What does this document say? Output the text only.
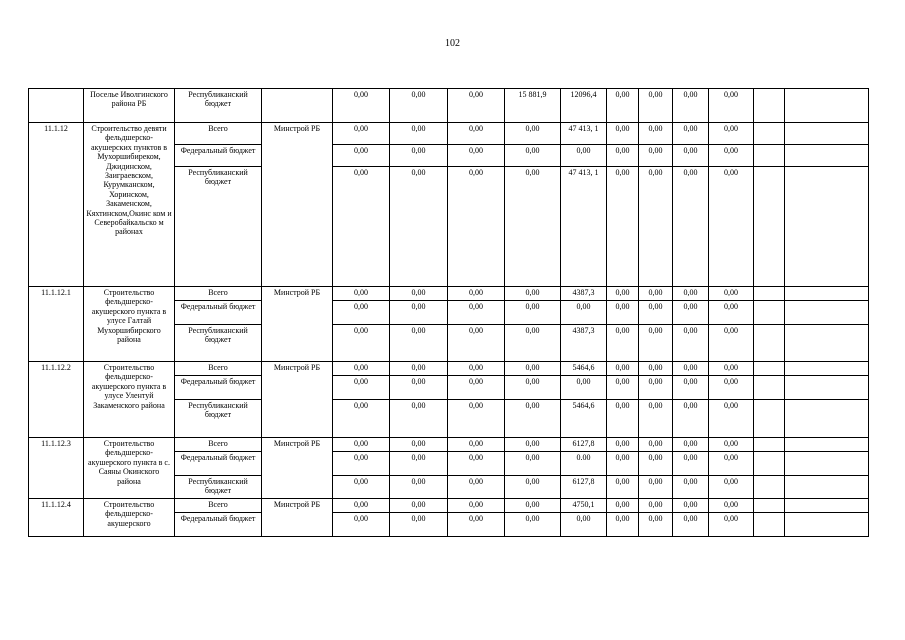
102
	Поселье Иволгинского района РБ	Республиканский бюджет		0,00	0,00	0,00	15 881,9	12096,4	0,00	0,00	0,00	0,00		
11.1.12	Строительство девяти фельдшерско-акушерских пунктов в Мухоршибиреком, Джидинском, Заиграевском, Курумканском, Хоринском, Закаменском, Кяхтинском,Окинс ком и Северобайкальско м районах	Всего	Минстрой РБ	0,00	0,00	0,00	0,00	47 413, 1	0,00	0,00	0,00	0,00		
		Федеральный бюджет		0,00	0,00	0,00	0,00	0,00	0,00	0,00	0,00	0,00		
		Республиканский бюджет		0,00	0,00	0,00	0,00	47 413, 1	0,00	0,00	0,00	0,00		
11.1.12.1	Строительство фельдшерско-акушерского пункта в улусе Галтай Мухоршибирского района	Всего	Минстрой РБ	0,00	0,00	0,00	0,00	4387,3	0,00	0,00	0,00	0,00		
		Федеральный бюджет		0,00	0,00	0,00	0,00	0,00	0,00	0,00	0,00	0,00		
		Республиканский бюджет		0,00	0,00	0,00	0,00	4387,3	0,00	0,00	0,00	0,00		
11.1.12.2	Строительство фельдшерско-акушерского пункта в улусе Улентуй Закаменского района	Всего	Минстрой РБ	0,00	0,00	0,00	0,00	5464,6	0,00	0,00	0,00	0,00		
		Федеральный бюджет		0,00	0,00	0,00	0,00	0,00	0,00	0,00	0,00	0,00		
		Республиканский бюджет		0,00	0,00	0,00	0,00	5464,6	0,00	0,00	0,00	0,00		
11.1.12.3	Строительство фельдшерско-акушерского пункта в с. Саяны Окинского района	Всего	Минстрой РБ	0,00	0,00	0,00	0,00	6127,8	0,00	0,00	0,00	0,00		
		Федеральный бюджет		0,00	0,00	0,00	0,00	0.00	0,00	0,00	0,00	0,00		
		Республиканский бюджет		0,00	0,00	0,00	0,00	6127,8	0,00	0,00	0,00	0,00		
11.1.12.4	Строительство фельдшерско-акушерского	Всего	Минстрой РБ	0,00	0,00	0,00	0,00	4750,1	0,00	0,00	0,00	0,00		
		Федеральный бюджет		0,00	0,00	0,00	0,00	0,00	0,00	0,00	0,00	0,00		
